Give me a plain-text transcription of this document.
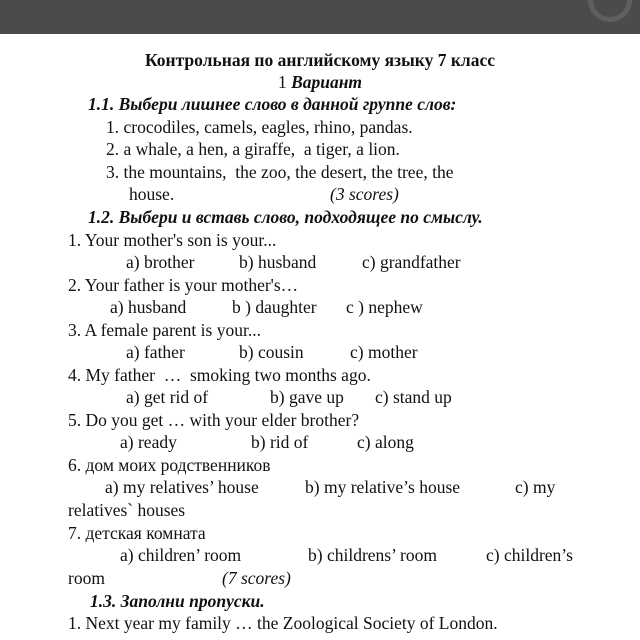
Контрольная по английскому языку 7 класс
1 Вариант
1.1. Выбери лишнее слово в данной группе слов:
1. crocodiles, camels, eagles, rhino, pandas.
2. a whale, a hen, a giraffe,  a tiger, a lion.
3. the mountains,  the zoo, the desert, the tree, the
house.	(3 scores)
1.2. Выбери и вставь слово, подходящее по смыслу.
1. Your mother's son is your...
a) brother	b) husband	c) grandfather
2. Your father is your mother's…
a) husband	b ) daughter c ) nephew
3. A female parent is your...
a) father	b) cousin	c) mother
4. My father  …  smoking two months ago.
a) get rid of	b) gave up c) stand up
5. Do you get … with your elder brother?
a) ready	b) rid of	c) along
6. дом моих родственников
a) my relatives’ house	b) my relative’s house	c) my
relatives` houses
7. детская комната
a) children’ room	b) childrens’ room	c) children’s
room	(7 scores)
1.3. Заполни пропуски.
1. Next year my family … the Zoological Society of London.
